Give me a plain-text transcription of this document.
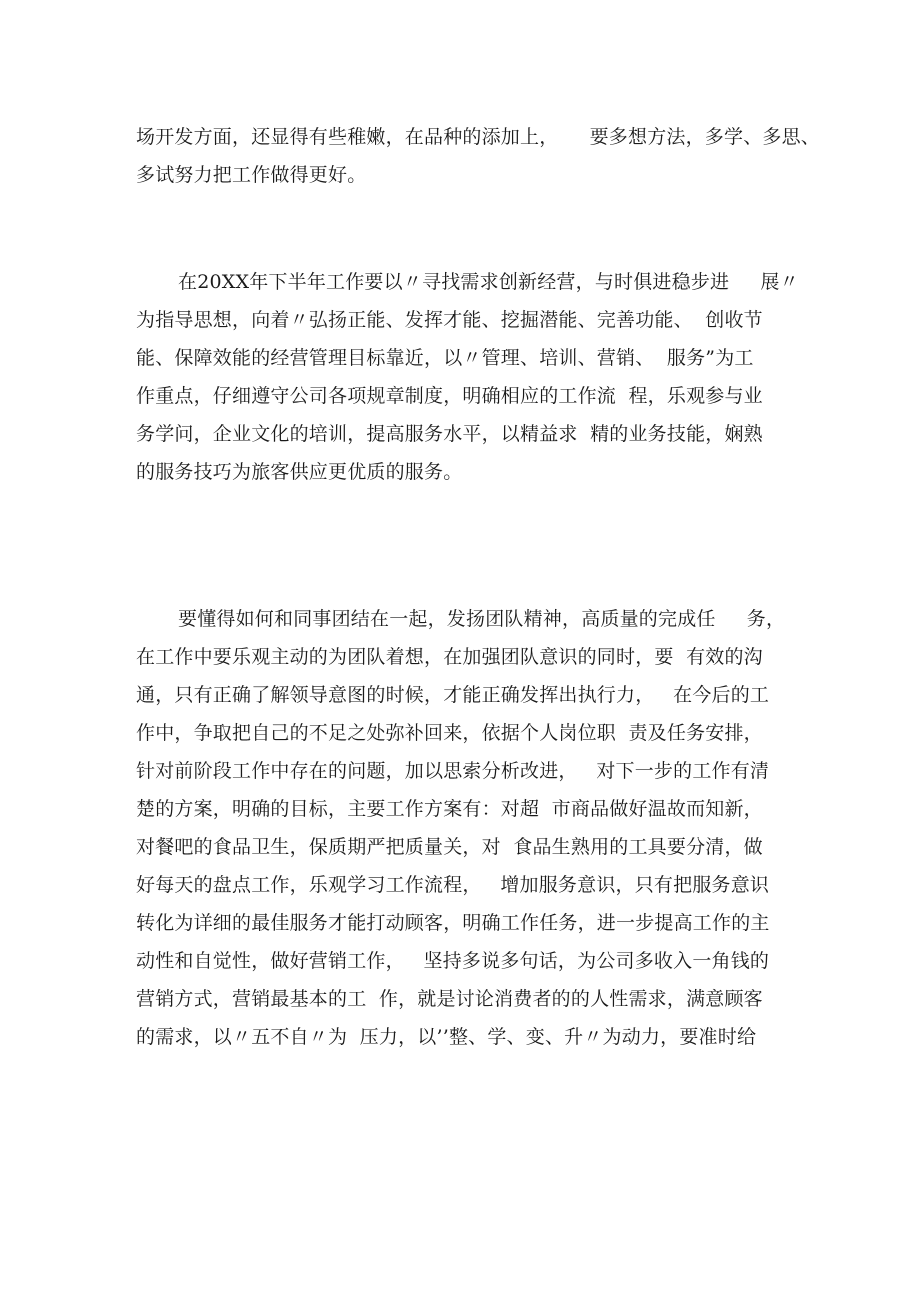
场开发方面，还显得有些稚嫩，在品种的添加上，     要多想方法，多学、多思、
多试努力把工作做得更好。
在20XX年下半年工作要以〃寻找需求创新经营，与时俱进稳步进     展〃
为指导思想，向着〃弘扬正能、发挥才能、挖掘潜能、完善功能、  创收节
能、保障效能的经营管理目标靠近，以〃管理、培训、营销、  服务”为工
作重点，仔细遵守公司各项规章制度，明确相应的工作流  程，乐观参与业
务学问，企业文化的培训，提高服务水平，以精益求  精的业务技能，娴熟
的服务技巧为旅客供应更优质的服务。
要懂得如何和同事团结在一起，发扬团队精神，高质量的完成任     务，
在工作中要乐观主动的为团队着想，在加强团队意识的同时，要  有效的沟
通，只有正确了解领导意图的时候，才能正确发挥出执行力，   在今后的工
作中，争取把自己的不足之处弥补回来，依据个人岗位职  责及任务安排，
针对前阶段工作中存在的问题，加以思索分析改进，   对下一步的工作有清
楚的方案，明确的目标，主要工作方案有：对超  市商品做好温故而知新，
对餐吧的食品卫生，保质期严把质量关，对  食品生熟用的工具要分清，做
好每天的盘点工作，乐观学习工作流程，   增加服务意识，只有把服务意识
转化为详细的最佳服务才能打动顾客，明确工作任务，进一步提高工作的主
动性和自觉性，做好营销工作，   坚持多说多句话，为公司多收入一角钱的
营销方式，营销最基本的工  作，就是讨论消费者的的人性需求，满意顾客
的需求，以〃五不自〃为  压力，以’’整、学、变、升〃为动力，要准时给
